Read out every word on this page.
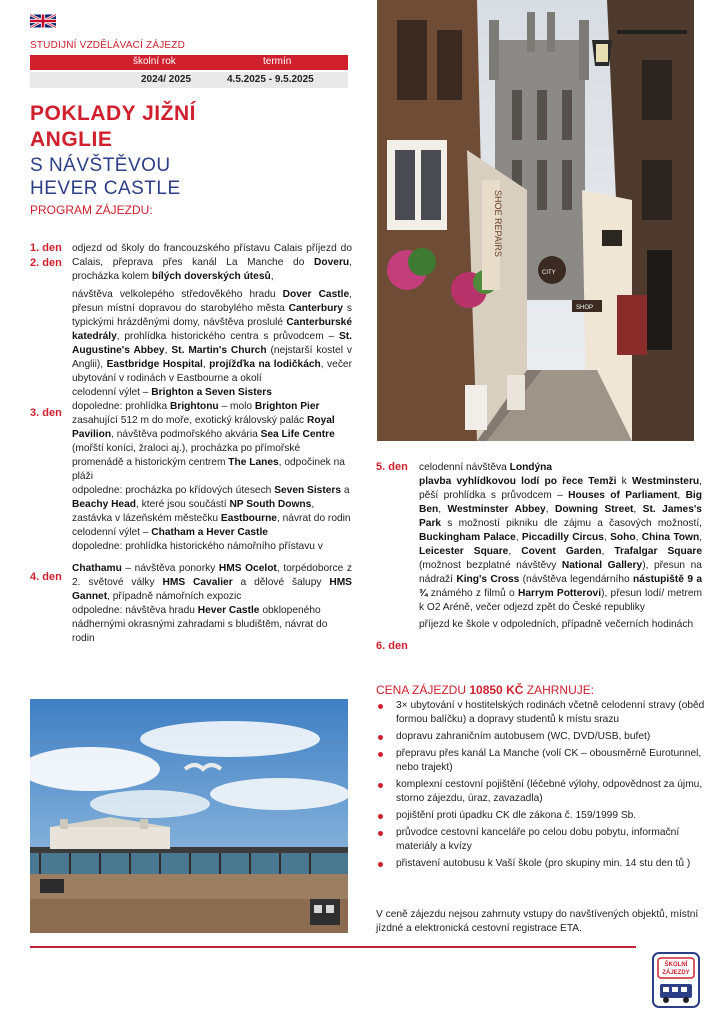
STUDIJNÍ VZDĚLÁVACÍ ZÁJEZD
školní rok	termín
2024/ 2025	4.5.2025 - 9.5.2025
POKLADY JIŽNÍ
ANGLIE
S NÁVŠTĚVOU
HEVER CASTLE
PROGRAM ZÁJEZDU:
1. den
2. den
3. den
4. den
odjezd od školy do francouzského přístavu Calais příjezd do Calais, přeprava přes kanál La Manche do Doveru, procházka kolem bílých doverských útesů,
návštěva velkolepého středověkého hradu Dover Castle, přesun místní dopravou do starobylého města Canterbury s typickými hrázděnými domy, návštěva proslulé Canterburské katedrály, prohlídka historického centra s průvodcem – St. Augustine's Abbey, St. Martin's Church (nejstarší kostel v Anglii), Eastbridge Hospital, projížďka na lodičkách, večer ubytování v rodinách v Eastbourne a okolí
celodenní výlet – Brighton a Seven Sisters
dopoledne: prohlídka Brightonu – molo Brighton Pier zasahující 512 m do moře, exotický královský palác Royal Pavilion, návštěva podmořského akvária Sea Life Centre (mořští koníci, žraloci aj.), procházka po přímořské promenádě a historickým centrem The Lanes, odpočinek na pláži
odpoledne: procházka po křídových útesech Seven Sisters a Beachy Head, které jsou součástí NP South Downs, zastávka v lázeňském městečku Eastbourne, návrat do rodin
celodenní výlet – Chatham a Hever Castle
dopoledne: prohlídka historického námořního přístavu v
Chathamu – návštěva ponorky HMS Ocelot, torpédoborce z 2. světové války HMS Cavalier a dělové šalupy HMS Gannet, případně námořních expozic
odpoledne: návštěva hradu Hever Castle obklopeného nádhernými okrasnými zahradami s bludištěm, návrat do rodin
SHOE REPAIRS
CITY
SHOP
5. den
6. den
celodenní návštěva Londýna
plavba vyhlídkovou lodí po řece Temži k Westminsteru, pěší prohlídka s průvodcem – Houses of Parliament, Big Ben, Westminster Abbey, Downing Street, St. James's Park s možností pikniku dle zájmu a časových možností, Buckingham Palace, Piccadilly Circus, Soho, China Town, Leicester Square, Covent Garden, Trafalgar Square (možnost bezplatné návštěvy National Gallery), přesun na nádraží King's Cross (návštěva legendárního nástupiště 9 a ¾ známého z filmů o Harrym Potterovi), přesun lodí/ metrem k O2 Aréně, večer odjezd zpět do České republiky
příjezd ke škole v odpoledních, případně večerních hodinách
CENA ZÁJEZDU 10850 KČ ZAHRNUJE:
3× ubytování v hostitelských rodinách včetně celodenní stravy (oběd formou balíčku) a dopravy studentů k místu srazu
dopravu zahraničním autobusem (WC, DVD/USB, bufet)
přepravu přes kanál La Manche (volí CK – obousměrně Eurotunnel, nebo trajekt)
komplexní cestovní pojištění (léčebné výlohy, odpovědnost za újmu, storno zájezdu, úraz, zavazadla)
pojištění proti úpadku CK dle zákona č. 159/1999 Sb.
průvodce cestovní kanceláře po celou dobu pobytu, informační materiály a kvízy
přistavení autobusu k Vaší škole (pro skupiny min. 14 stu den tů )
V ceně zájezdu nejsou zahrnuty vstupy do navštívených objektů, místní jízdné a elektronická cestovní registrace ETA.
ŠKOLNÍ
ZÁJEZDY
